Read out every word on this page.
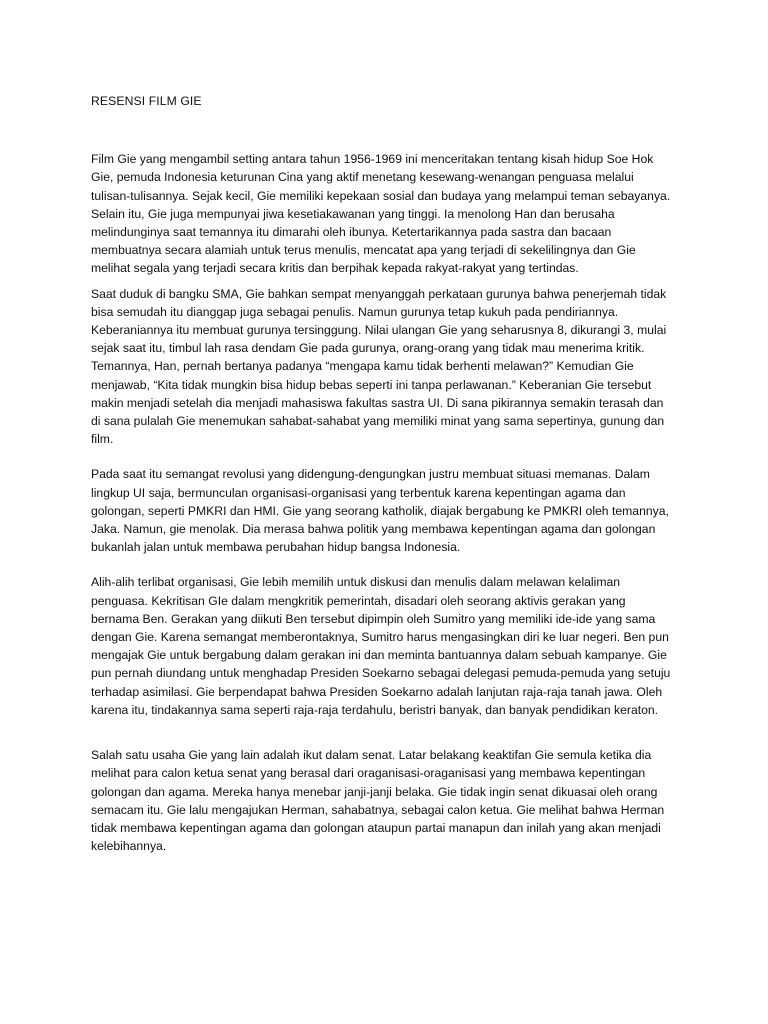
RESENSI FILM GIE

Film Gie yang mengambil setting antara tahun 1956-1969 ini menceritakan tentang kisah hidup Soe Hok Gie, pemuda Indonesia keturunan Cina yang aktif menetang kesewang-wenangan penguasa melalui tulisan-tulisannya. Sejak kecil, Gie memiliki kepekaan sosial dan budaya yang melampui teman sebayanya. Selain itu, Gie juga mempunyai jiwa kesetiakawanan yang tinggi. Ia menolong Han dan berusaha melindunginya saat temannya itu dimarahi oleh ibunya. Ketertarikannya pada sastra dan bacaan membuatnya secara alamiah untuk terus menulis, mencatat apa yang terjadi di sekelilingnya dan Gie melihat segala yang terjadi secara kritis dan berpihak kepada rakyat-rakyat yang tertindas.

Saat duduk di bangku SMA, Gie bahkan sempat menyanggah perkataan gurunya bahwa penerjemah tidak bisa semudah itu dianggap juga sebagai penulis. Namun gurunya tetap kukuh pada pendiriannya. Keberaniannya itu membuat gurunya tersinggung. Nilai ulangan Gie yang seharusnya 8, dikurangi 3, mulai sejak saat itu, timbul lah rasa dendam Gie pada gurunya, orang-orang yang tidak mau menerima kritik. Temannya, Han, pernah bertanya padanya “mengapa kamu tidak berhenti melawan?” Kemudian Gie menjawab, “Kita tidak mungkin bisa hidup bebas seperti ini tanpa perlawanan.” Keberanian Gie tersebut makin menjadi setelah dia menjadi mahasiswa fakultas sastra UI. Di sana pikirannya semakin terasah dan di sana pulalah Gie menemukan sahabat-sahabat yang memiliki minat yang sama sepertinya, gunung dan film.

Pada saat itu semangat revolusi yang didengung-dengungkan justru membuat situasi memanas. Dalam lingkup UI saja, bermunculan organisasi-organisasi yang terbentuk karena kepentingan agama dan golongan, seperti PMKRI dan HMI. Gie yang seorang katholik, diajak bergabung ke PMKRI oleh temannya, Jaka. Namun, gie menolak. Dia merasa bahwa politik yang membawa kepentingan agama dan golongan bukanlah jalan untuk membawa perubahan hidup bangsa Indonesia.

Alih-alih terlibat organisasi, Gie lebih memilih untuk diskusi dan menulis dalam melawan kelaliman penguasa. Kekritisan GIe dalam mengkritik pemerintah, disadari oleh seorang aktivis gerakan yang bernama Ben. Gerakan yang diikuti Ben tersebut dipimpin oleh Sumitro yang memiliki ide-ide yang sama dengan Gie. Karena semangat memberontaknya, Sumitro harus mengasingkan diri ke luar negeri. Ben pun mengajak Gie untuk bergabung dalam gerakan ini dan meminta bantuannya dalam sebuah kampanye. Gie pun pernah diundang untuk menghadap Presiden Soekarno sebagai delegasi pemuda-pemuda yang setuju terhadap asimilasi. Gie berpendapat bahwa Presiden Soekarno adalah lanjutan raja-raja tanah jawa. Oleh karena itu, tindakannya sama seperti raja-raja terdahulu, beristri banyak, dan banyak pendidikan keraton.

Salah satu usaha Gie yang lain adalah ikut dalam senat. Latar belakang keaktifan Gie semula ketika dia melihat para calon ketua senat yang berasal dari oraganisasi-oraganisasi yang membawa kepentingan golongan dan agama. Mereka hanya menebar janji-janji belaka. Gie tidak ingin senat dikuasai oleh orang semacam itu. Gie lalu mengajukan Herman, sahabatnya, sebagai calon ketua. Gie melihat bahwa Herman tidak membawa kepentingan agama dan golongan ataupun partai manapun dan inilah yang akan menjadi kelebihannya.
